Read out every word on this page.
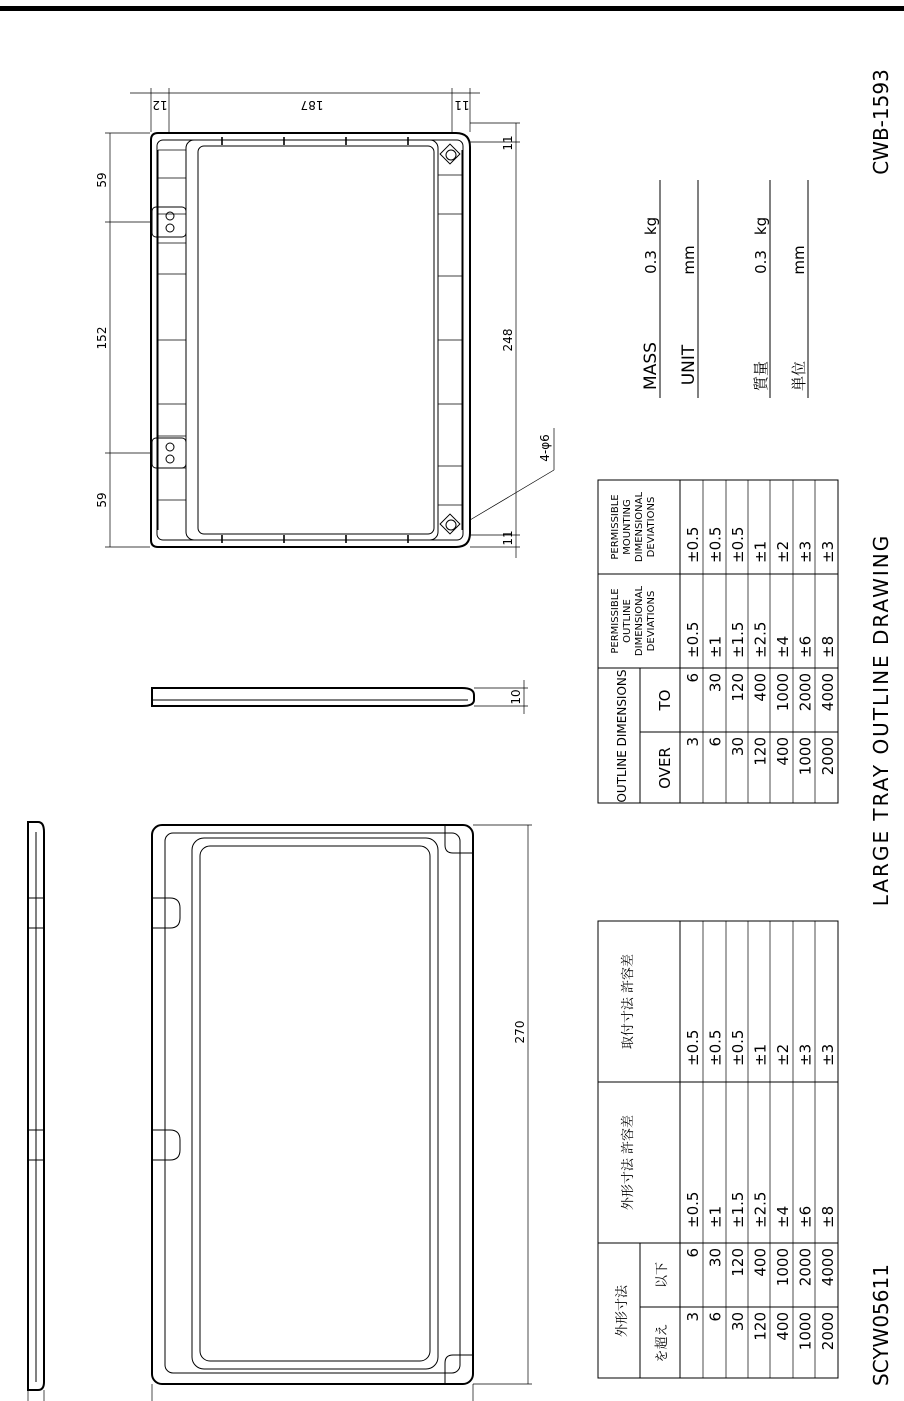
CWB-1593
LARGE TRAY OUTLINE DRAWING
SCYW05611
187
12	11
248
11
11
59
152
59
4-φ6
10
270
MASS
0.3
kg
UNIT
mm
質量
0.3
kg
単位
mm
OUTLINE DIMENSIONS OVER
TO
PERMISSIBLE OUTLINE DIMENSIONAL DEVIATIONS
PERMISSIBLE MOUNTING DIMENSIONAL DEVIATIONS
3
6
±0.5
±0.5
6
30
±1
±0.5
30
120
±1.5
±0.5
120
400
±2.5
±1
400
1000
±4
±2
1000
2000
±6
±3
2000
4000
±8
±3
外形寸法
を超え
以下
外形寸法 許容差
取付寸法 許容差
3
6
±0.5
±0.5
6
30
±1
±0.5
30
120
±1.5
±0.5
120
400
±2.5
±1
400
1000
±4
±2
1000
2000
±6
±3
2000
4000
±8
±3
